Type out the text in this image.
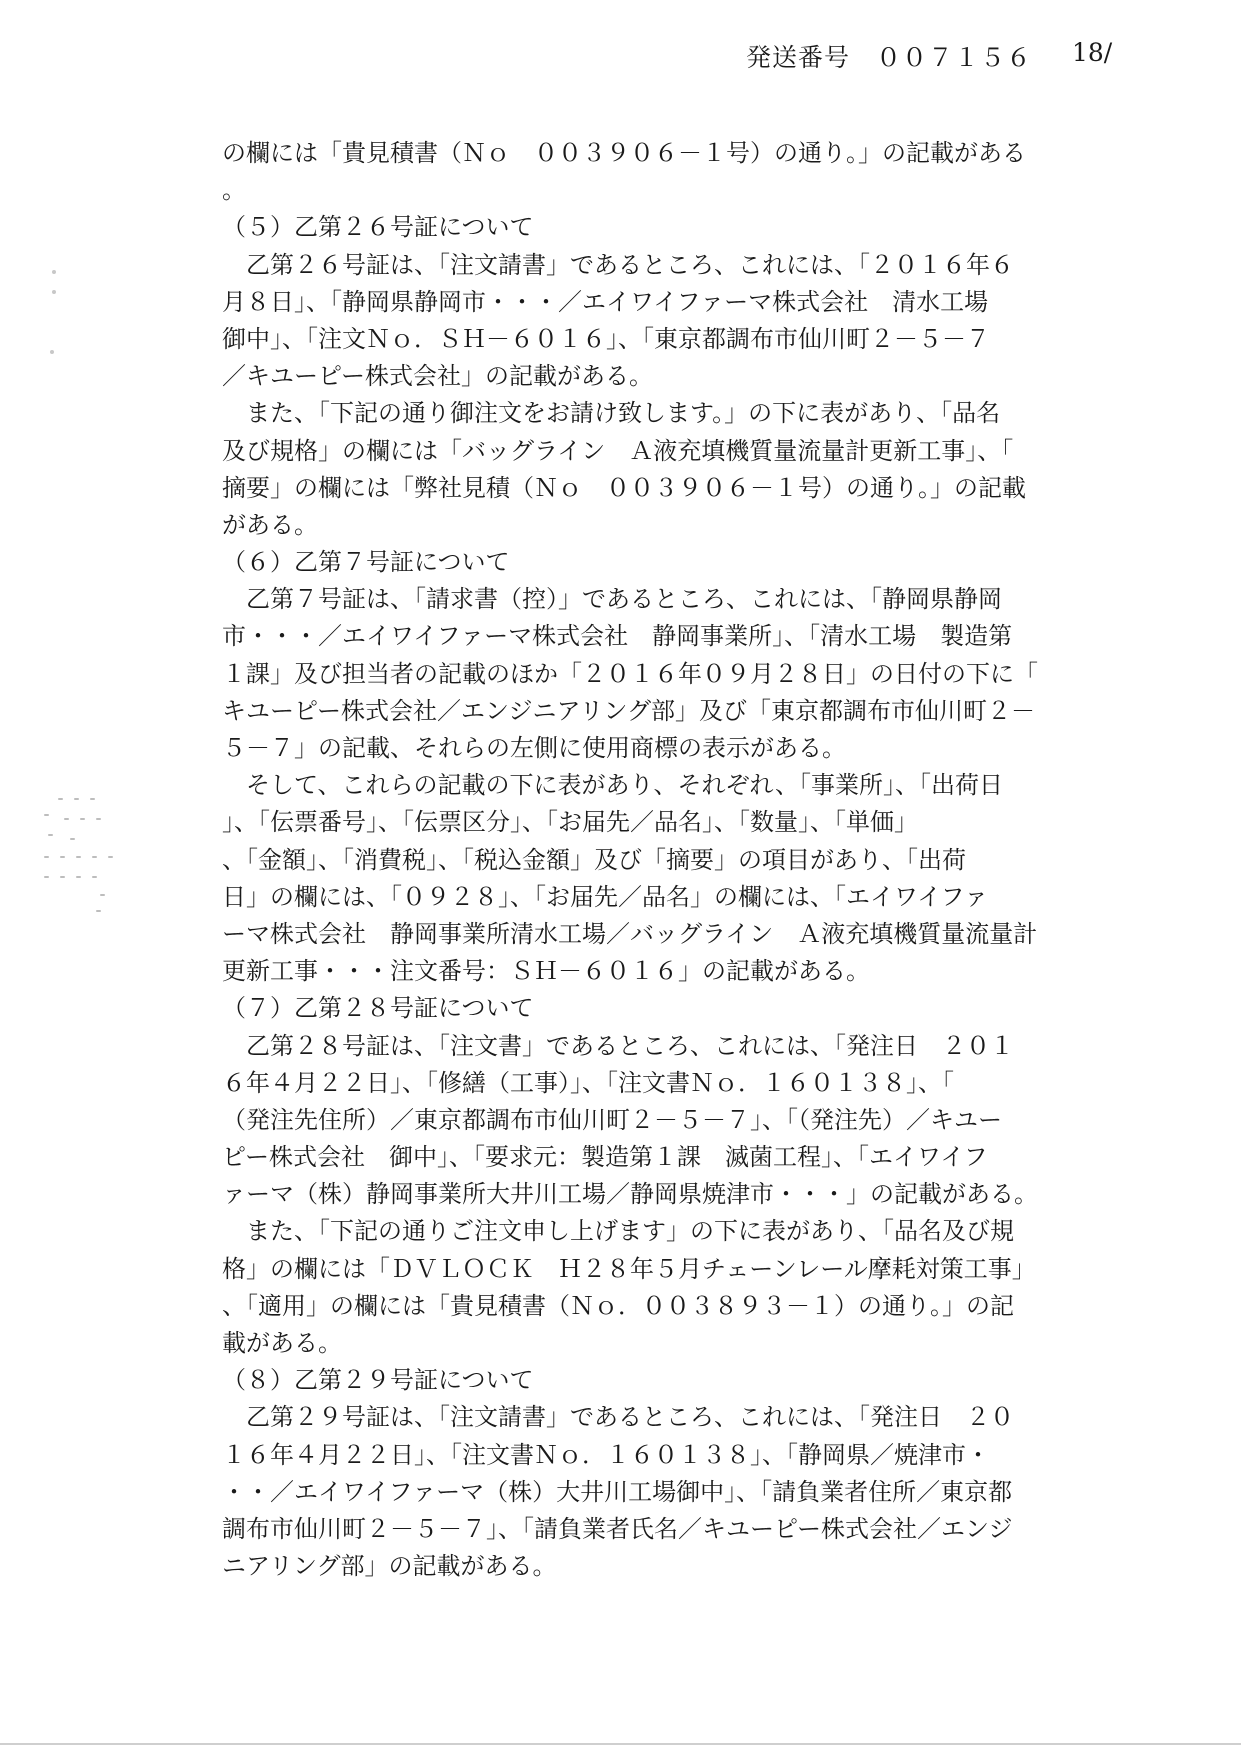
発送番号　００７１５６ 18/
の欄には「貴見積書（Ｎｏ　００３９０６－１号）の通り。」の記載がある
。
（５）乙第２６号証について
　乙第２６号証は、「注文請書」であるところ、これには、「２０１６年６
月８日」、「静岡県静岡市・・・／エイワイファーマ株式会社　清水工場
御中」、「注文Ｎｏ．ＳＨ－６０１６」、「東京都調布市仙川町２－５－７
／キユーピー株式会社」の記載がある。
　また、「下記の通り御注文をお請け致します。」の下に表があり、「品名
及び規格」の欄には「バッグライン　Ａ液充填機質量流量計更新工事」、「
摘要」の欄には「弊社見積（Ｎｏ　００３９０６－１号）の通り。」の記載
がある。
（６）乙第７号証について
　乙第７号証は、「請求書（控）」であるところ、これには、「静岡県静岡
市・・・／エイワイファーマ株式会社　静岡事業所」、「清水工場　製造第
１課」及び担当者の記載のほか「２０１６年０９月２８日」の日付の下に「
キユーピー株式会社／エンジニアリング部」及び「東京都調布市仙川町２－
５－７」の記載、それらの左側に使用商標の表示がある。
　そして、これらの記載の下に表があり、それぞれ、「事業所」、「出荷日
」、「伝票番号」、「伝票区分」、「お届先／品名」、「数量」、「単価」
、「金額」、「消費税」、「税込金額」及び「摘要」の項目があり、「出荷
日」の欄には、「０９２８」、「お届先／品名」の欄には、「エイワイファ
ーマ株式会社　静岡事業所清水工場／バッグライン　Ａ液充填機質量流量計
更新工事・・・注文番号：ＳＨ－６０１６」の記載がある。
（７）乙第２８号証について
　乙第２８号証は、「注文書」であるところ、これには、「発注日　２０１
６年４月２２日」、「修繕（工事）」、「注文書Ｎｏ．１６０１３８」、「
（発注先住所）／東京都調布市仙川町２－５－７」、「（発注先）／キユー
ピー株式会社　御中」、「要求元：製造第１課　滅菌工程」、「エイワイフ
ァーマ（株）静岡事業所大井川工場／静岡県焼津市・・・」の記載がある。
　また、「下記の通りご注文申し上げます」の下に表があり、「品名及び規
格」の欄には「ＤＶＬＯＣＫ　Ｈ２８年５月チェーンレール摩耗対策工事」
、「適用」の欄には「貴見積書（Ｎｏ．００３８９３－１）の通り。」の記
載がある。
（８）乙第２９号証について
　乙第２９号証は、「注文請書」であるところ、これには、「発注日　２０
１６年４月２２日」、「注文書Ｎｏ．１６０１３８」、「静岡県／焼津市・
・・／エイワイファーマ（株）大井川工場御中」、「請負業者住所／東京都
調布市仙川町２－５－７」、「請負業者氏名／キユーピー株式会社／エンジ
ニアリング部」の記載がある。
